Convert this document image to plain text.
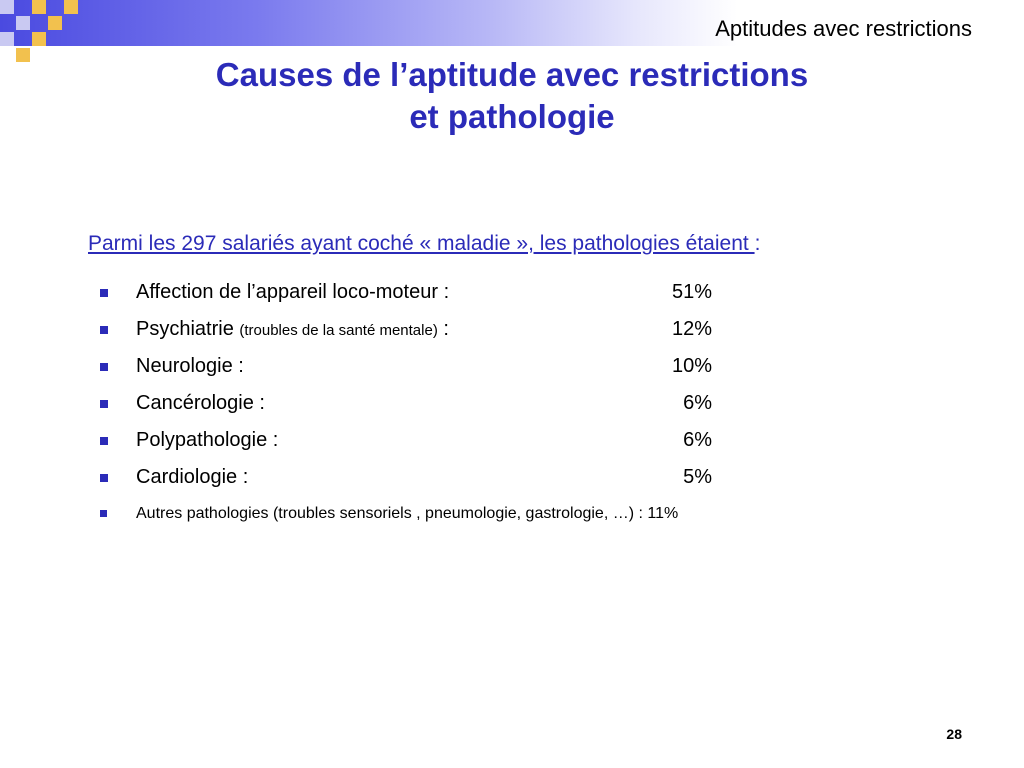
Aptitudes avec restrictions
Causes de l’aptitude avec restrictions
et pathologie
Parmi les 297 salariés ayant coché « maladie », les pathologies étaient :
Affection de l’appareil loco-moteur :	51%
Psychiatrie (troubles de la santé mentale) :	12%
Neurologie :	10%
Cancérologie :	6%
Polypathologie :	6%
Cardiologie :	5%
Autres pathologies (troubles sensoriels , pneumologie, gastrologie, …) : 11%
28
